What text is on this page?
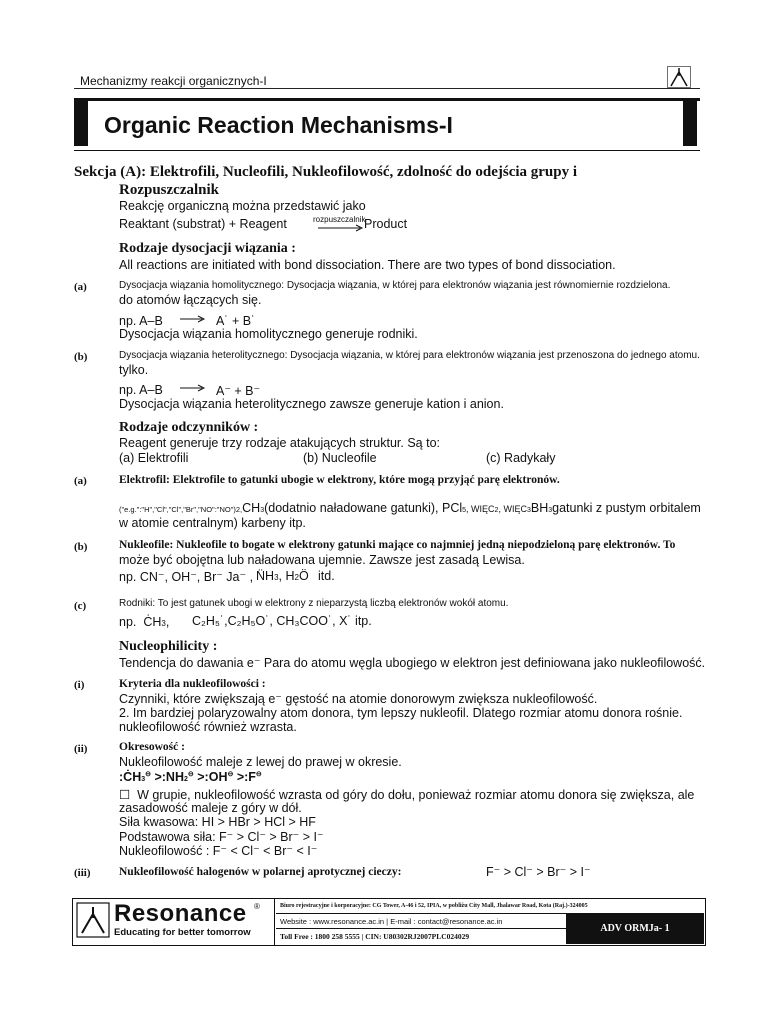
Mechanizmy reakcji organicznych-I
Organic Reaction Mechanisms-I
Sekcja (A): Elektrofili, Nucleofili, Nukleofilowość, zdolność do odejścia grupy i
Rozpuszczalnik
Reakcję organiczną można przedstawić jako
Reaktant (substrat) + Reagent	rozpuszczalnik → Product
Rodzaje dysocjacji wiązania :
All reactions are initiated with bond dissociation. There are two types of bond dissociation.
(a)	Dysocjacja wiązania homolitycznego: Dysocjacja wiązania, w której para elektronów wiązania jest równomiernie rozdzielona.
do atomów łączących się.
np. A–B	A˙ + B˙
Dysocjacja wiązania homolitycznego generuje rodniki.
(b)	Dysocjacja wiązania heterolitycznego: Dysocjacja wiązania, w której para elektronów wiązania jest przenoszona do jednego atomu.
tylko.
np. A–B	A⁻ + B⁻
Dysocjacja wiązania heterolitycznego zawsze generuje kation i anion.
Rodzaje odczynników :
Reagent generuje trzy rodzaje atakujących struktur. Są to:
(a) Elektrofili	(b) Nucleofile	(c) Radykały
(a)	Elektrofil: Elektrofile to gatunki ubogie w elektrony, które mogą przyjąć parę elektronów.
("e.g.":"H","Cl","Cl","Br","NO":"NO")2,CH3(dodatnio naładowane gatunki), PCl5, WIĘC2, WIĘC3BH3gatunki z pustym orbitalem
w atomie centralnym) karbeny itp.
(b)	Nukleofile: Nukleofile to bogate w elektrony gatunki mające co najmniej jedną niepodzieloną parę elektronów. To
może być obojętna lub naładowana ujemnie. Zawsze jest zasadą Lewisa.
np. CN⁻, OH⁻, Br⁻ Ja⁻ , N̈H3, H2Ö itd.
(c)	Rodniki: To jest gatunek ubogi w elektrony z nieparzystą liczbą elektronów wokół atomu.
np.  ĊH3, C₂H₅˙,C₂H₅O˙, CH₃COO˙, X˙ itp.
Nucleophilicity :
Tendencja do dawania e⁻ Para do atomu węgla ubogiego w elektron jest definiowana jako nukleofilowość.
(i)	Kryteria dla nukleofilowości :
Czynniki, które zwiększają e⁻ gęstość na atomie donorowym zwiększa nukleofilowość.
2. Im bardziej polaryzowalny atom donora, tym lepszy nukleofil. Dlatego rozmiar atomu donora rośnie.
nukleofilowość również wzrasta.
(ii)	Okresowość :
Nukleofilowość maleje z lewej do prawej w okresie.
:ĊH3⊖ >:NH2⊖ >:OH⊖ >:F⊖
☐  W grupie, nukleofilowość wzrasta od góry do dołu, ponieważ rozmiar atomu donora się zwiększa, ale
zasadowość maleje z góry w dół.
Siła kwasowa: HI > HBr > HCl > HF
Podstawowa siła: F⁻ > Cl⁻ > Br⁻ > I⁻
Nukleofilowość : F⁻ < Cl⁻ < Br⁻ < I⁻
(iii) Nukleofilowość halogenów w polarnej aprotycznej cieczy:	F⁻ > Cl⁻ > Br⁻ > I⁻
Resonance ®
Educating for better tomorrow
Biuro rejestracyjne i korporacyjne: CG Tower, A-46 i 52, IPIA, w pobliżu City Mall, Jhalawar Road, Kota (Raj.)-324005
Website : www.resonance.ac.in | E-mail : contact@resonance.ac.in
Toll Free : 1800 258 5555 | CIN: U80302RJ2007PLC024029
ADV ORMJa- 1
